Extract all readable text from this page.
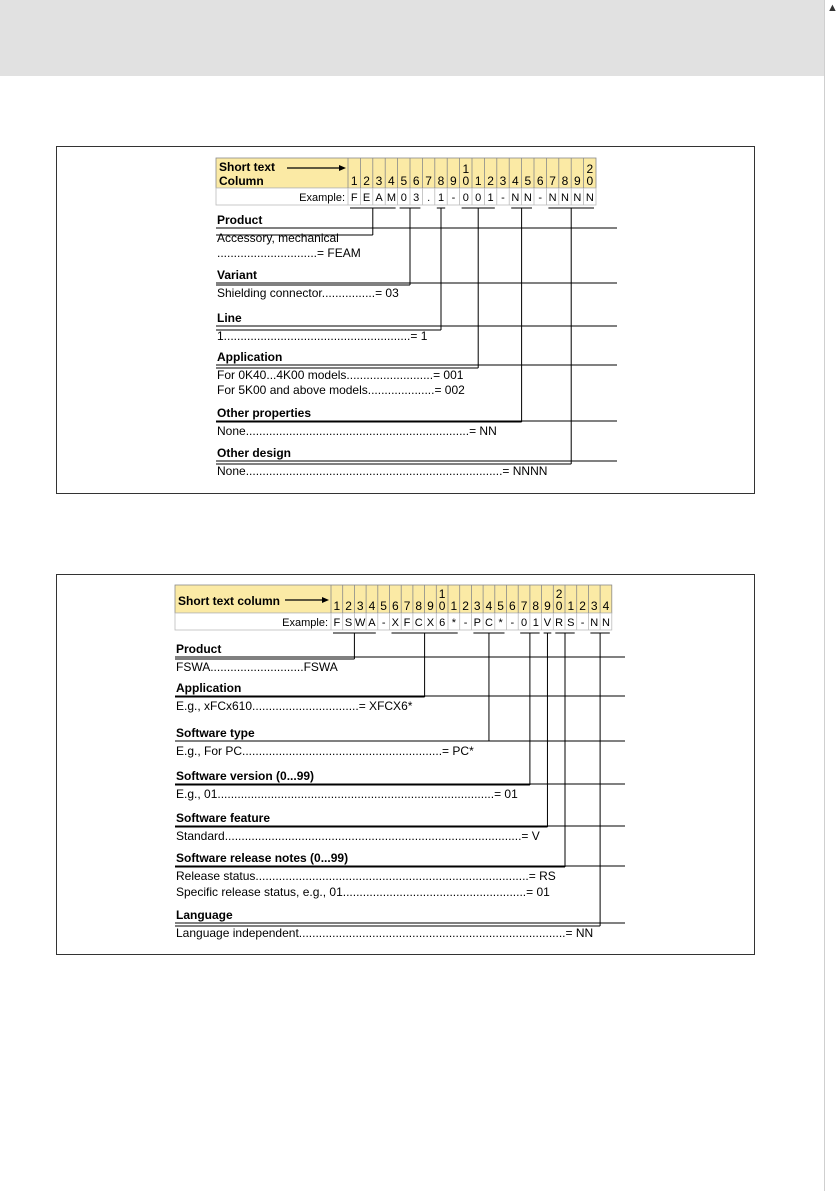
▲
Short text
Column
Example:
1
F
2
E
3
A
4
M
5
0
6
3
7
.
8
1
9
-
1
0
0
1
0
2
1
3
-
4
N
5
N
6
-
7
N
8
N
9
N
2
0
N
Product
Accessory, mechanical
..............................= FEAM
Variant
Shielding connector................= 03
Line
1........................................................= 1
Application
For 0K40...4K00 models..........................= 001
For 5K00 and above models....................= 002
Other properties
None...................................................................= NN
Other design
None.............................................................................= NNNN
Short text column
Example:
1
F
2
S
3
W
4
A
5
-
6
X
7
F
8
C
9
X
1
0
6
1
*
2
-
3
P
4
C
5
*
6
-
7
0
8
1
9
V
2
0
R
1
S
2
-
3
N
4
N
Product
FSWA............................FSWA
Application
E.g., xFCx610................................= XFCX6*
Software type
E.g., For PC............................................................= PC*
Software version (0...99)
E.g., 01...................................................................................= 01
Software feature
Standard.........................................................................................= V
Software release notes (0...99)
Release status..................................................................................= RS
Specific release status, e.g., 01.......................................................= 01
Language
Language independent................................................................................= NN
